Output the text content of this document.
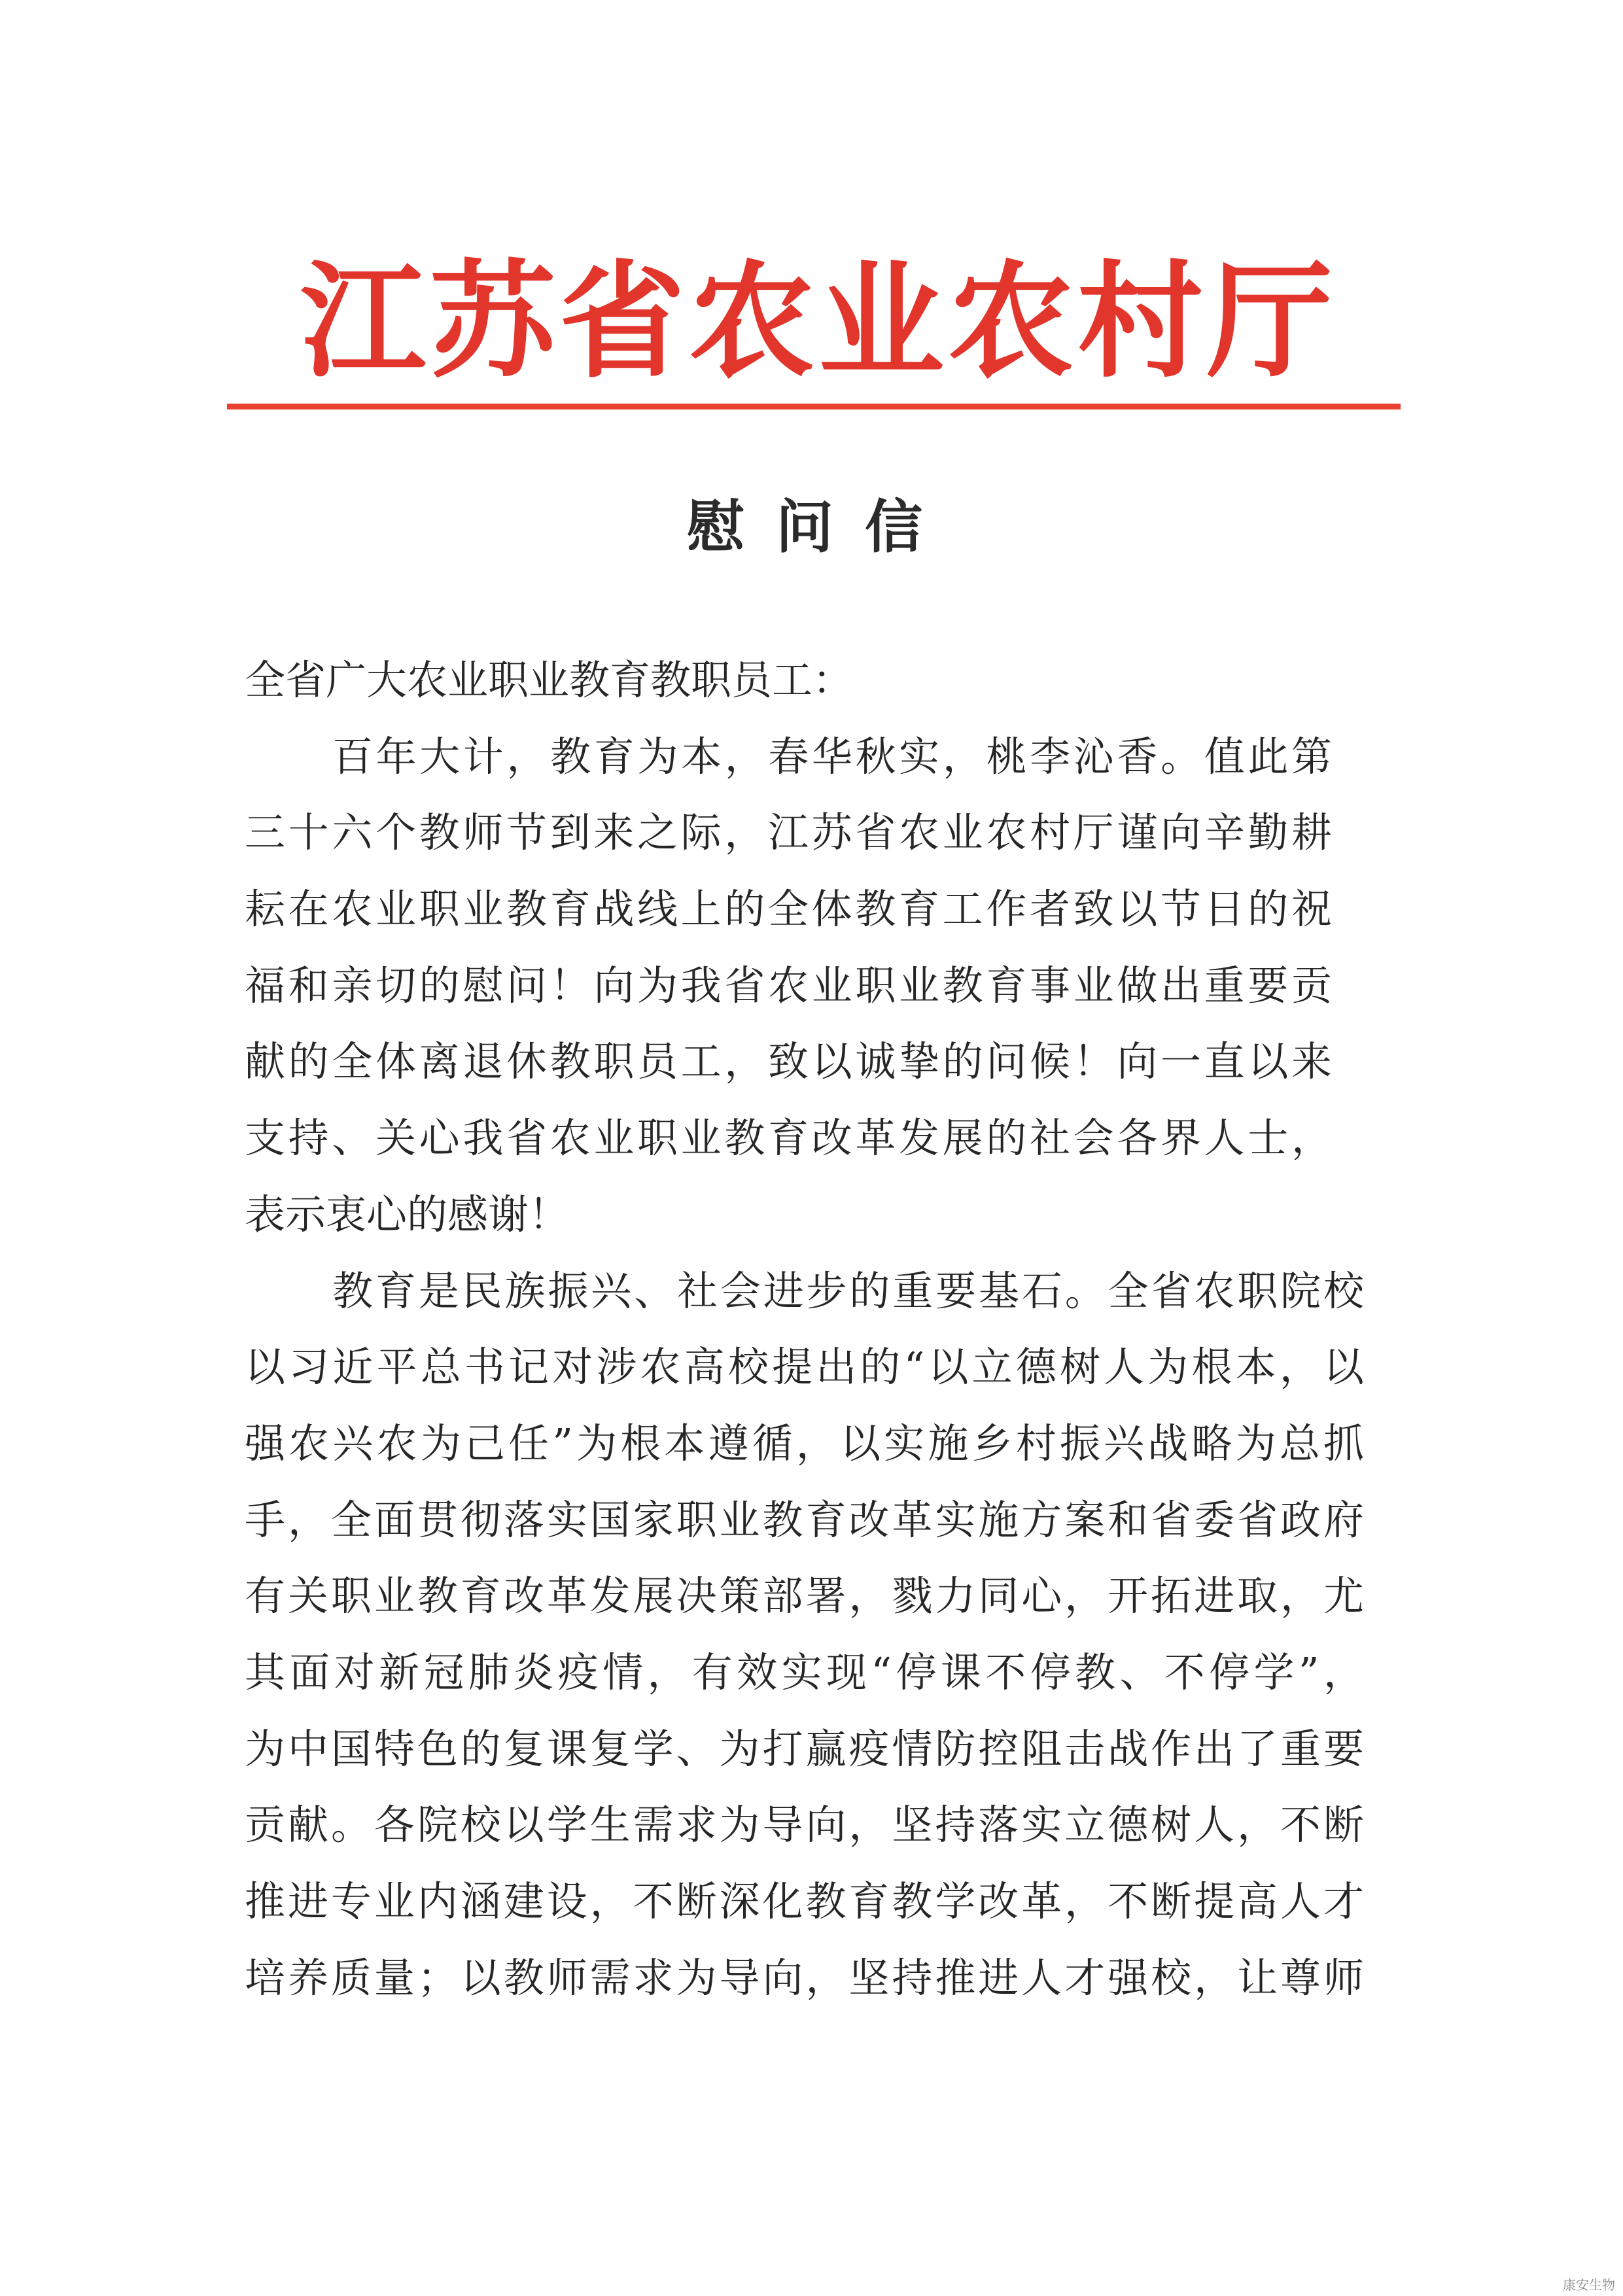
江苏省农业农村厅
慰问信
全省广大农业职业教育教职员工：
百年大计，教育为本，春华秋实，桃李沁香。值此第
三十六个教师节到来之际，江苏省农业农村厅谨向辛勤耕
耘在农业职业教育战线上的全体教育工作者致以节日的祝
福和亲切的慰问！向为我省农业职业教育事业做出重要贡
献的全体离退休教职员工，致以诚挚的问候！向一直以来
支持、关心我省农业职业教育改革发展的社会各界人士，
表示衷心的感谢！
教育是民族振兴、社会进步的重要基石。全省农职院校
以习近平总书记对涉农高校提出的“以立德树人为根本，以
强农兴农为己任”为根本遵循，以实施乡村振兴战略为总抓
手，全面贯彻落实国家职业教育改革实施方案和省委省政府
有关职业教育改革发展决策部署，戮力同心，开拓进取，尤
其面对新冠肺炎疫情，有效实现“停课不停教、不停学”，
为中国特色的复课复学、为打赢疫情防控阻击战作出了重要
贡献。各院校以学生需求为导向，坚持落实立德树人，不断
推进专业内涵建设，不断深化教育教学改革，不断提高人才
培养质量；以教师需求为导向，坚持推进人才强校，让尊师
康安生物
